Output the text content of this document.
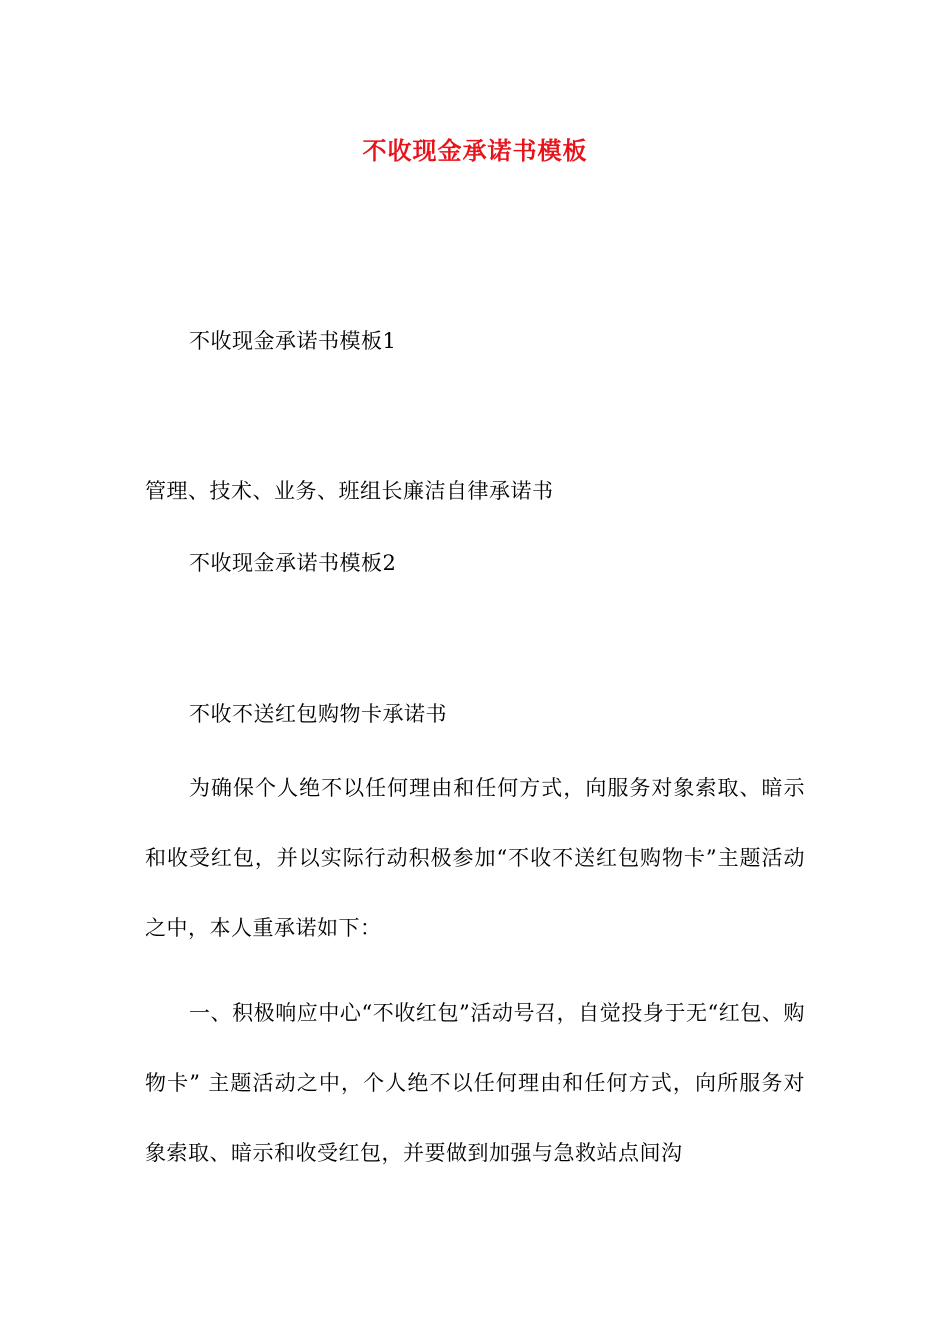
不收现金承诺书模板
不收现金承诺书模板1
管理、技术、业务、班组长廉洁自律承诺书
不收现金承诺书模板2
不收不送红包购物卡承诺书
为确保个人绝不以任何理由和任何方式，向服务对象索取、暗示和收受红包，并以实际行动积极参加“不收不送红包购物卡”主题活动之中，本人重承诺如下：
一、积极响应中心“不收红包”活动号召，自觉投身于无“红包、购物卡” 主题活动之中，个人绝不以任何理由和任何方式，向所服务对象索取、暗示和收受红包，并要做到加强与急救站点间沟
